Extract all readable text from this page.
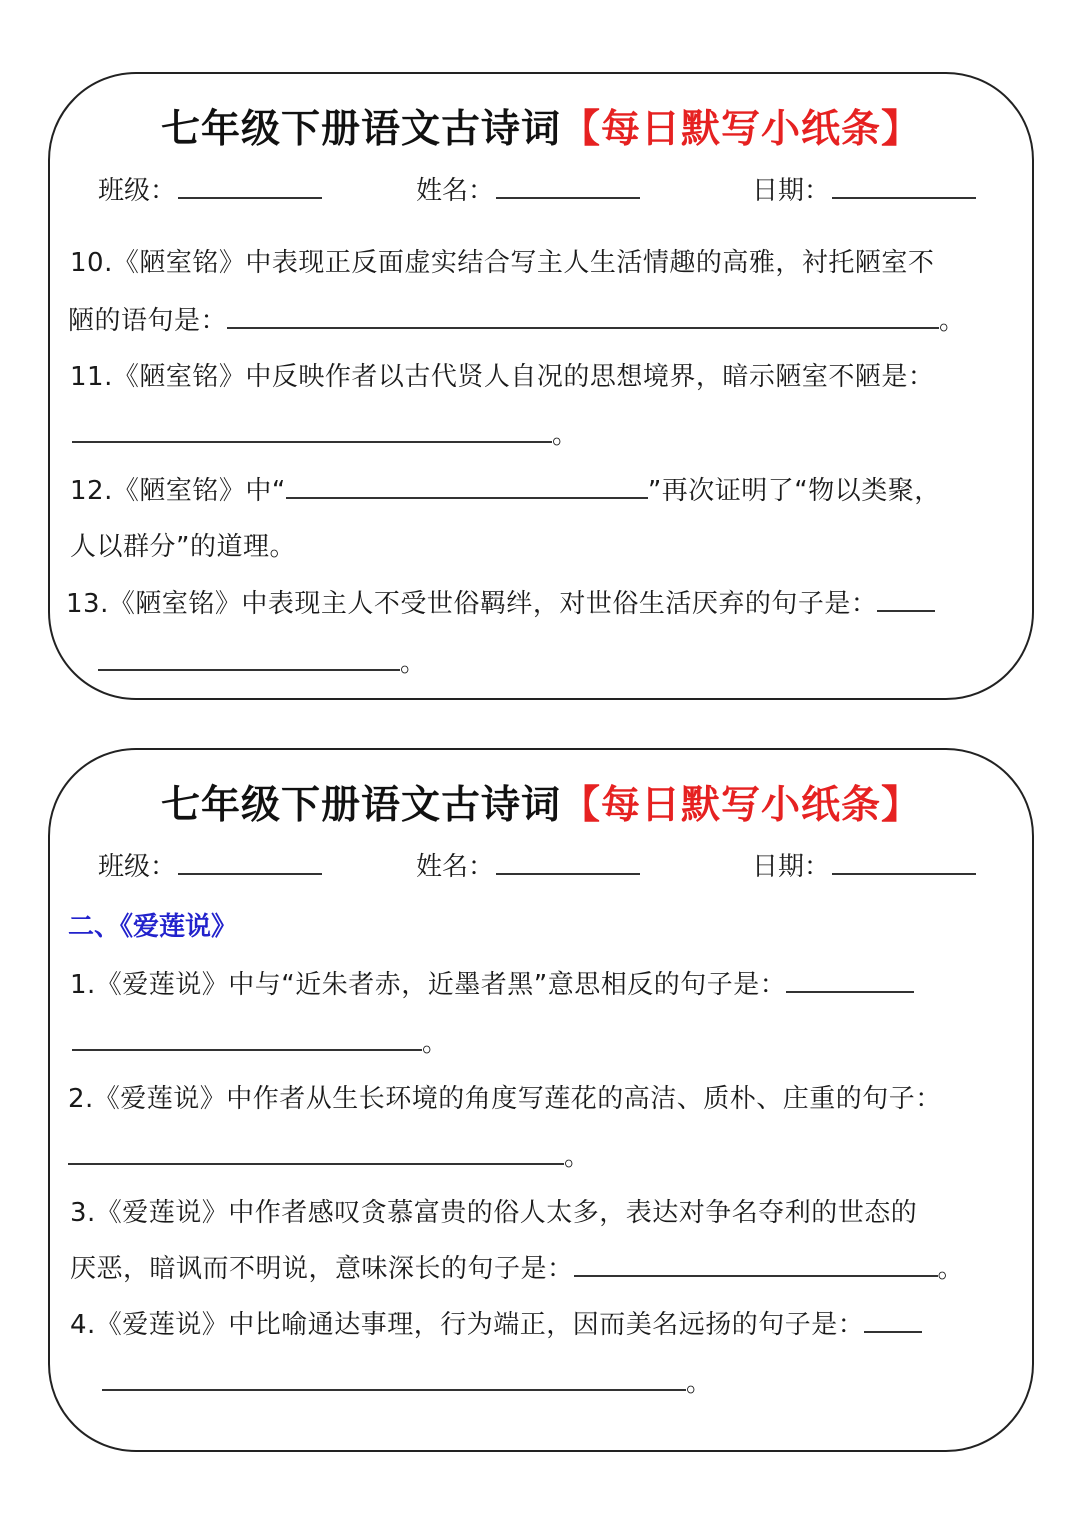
七年级下册语文古诗词【每日默写小纸条】
班级：	姓名：	日期：
10.《陋室铭》中表现正反面虚实结合写主人生活情趣的高雅，衬托陋室不
陋的语句是：	。
11.《陋室铭》中反映作者以古代贤人自况的思想境界，暗示陋室不陋是：
。
12.《陋室铭》中“	”再次证明了“物以类聚，
人以群分”的道理。
13.《陋室铭》中表现主人不受世俗羁绊，对世俗生活厌弃的句子是：
。
七年级下册语文古诗词【每日默写小纸条】
班级：	姓名：	日期：
二、《爱莲说》
1.《爱莲说》中与“近朱者赤，近墨者黑”意思相反的句子是：
。
2.《爱莲说》中作者从生长环境的角度写莲花的高洁、质朴、庄重的句子：
。
3.《爱莲说》中作者感叹贪慕富贵的俗人太多，表达对争名夺利的世态的
厌恶，暗讽而不明说，意味深长的句子是：	。
4.《爱莲说》中比喻通达事理，行为端正，因而美名远扬的句子是：
。
